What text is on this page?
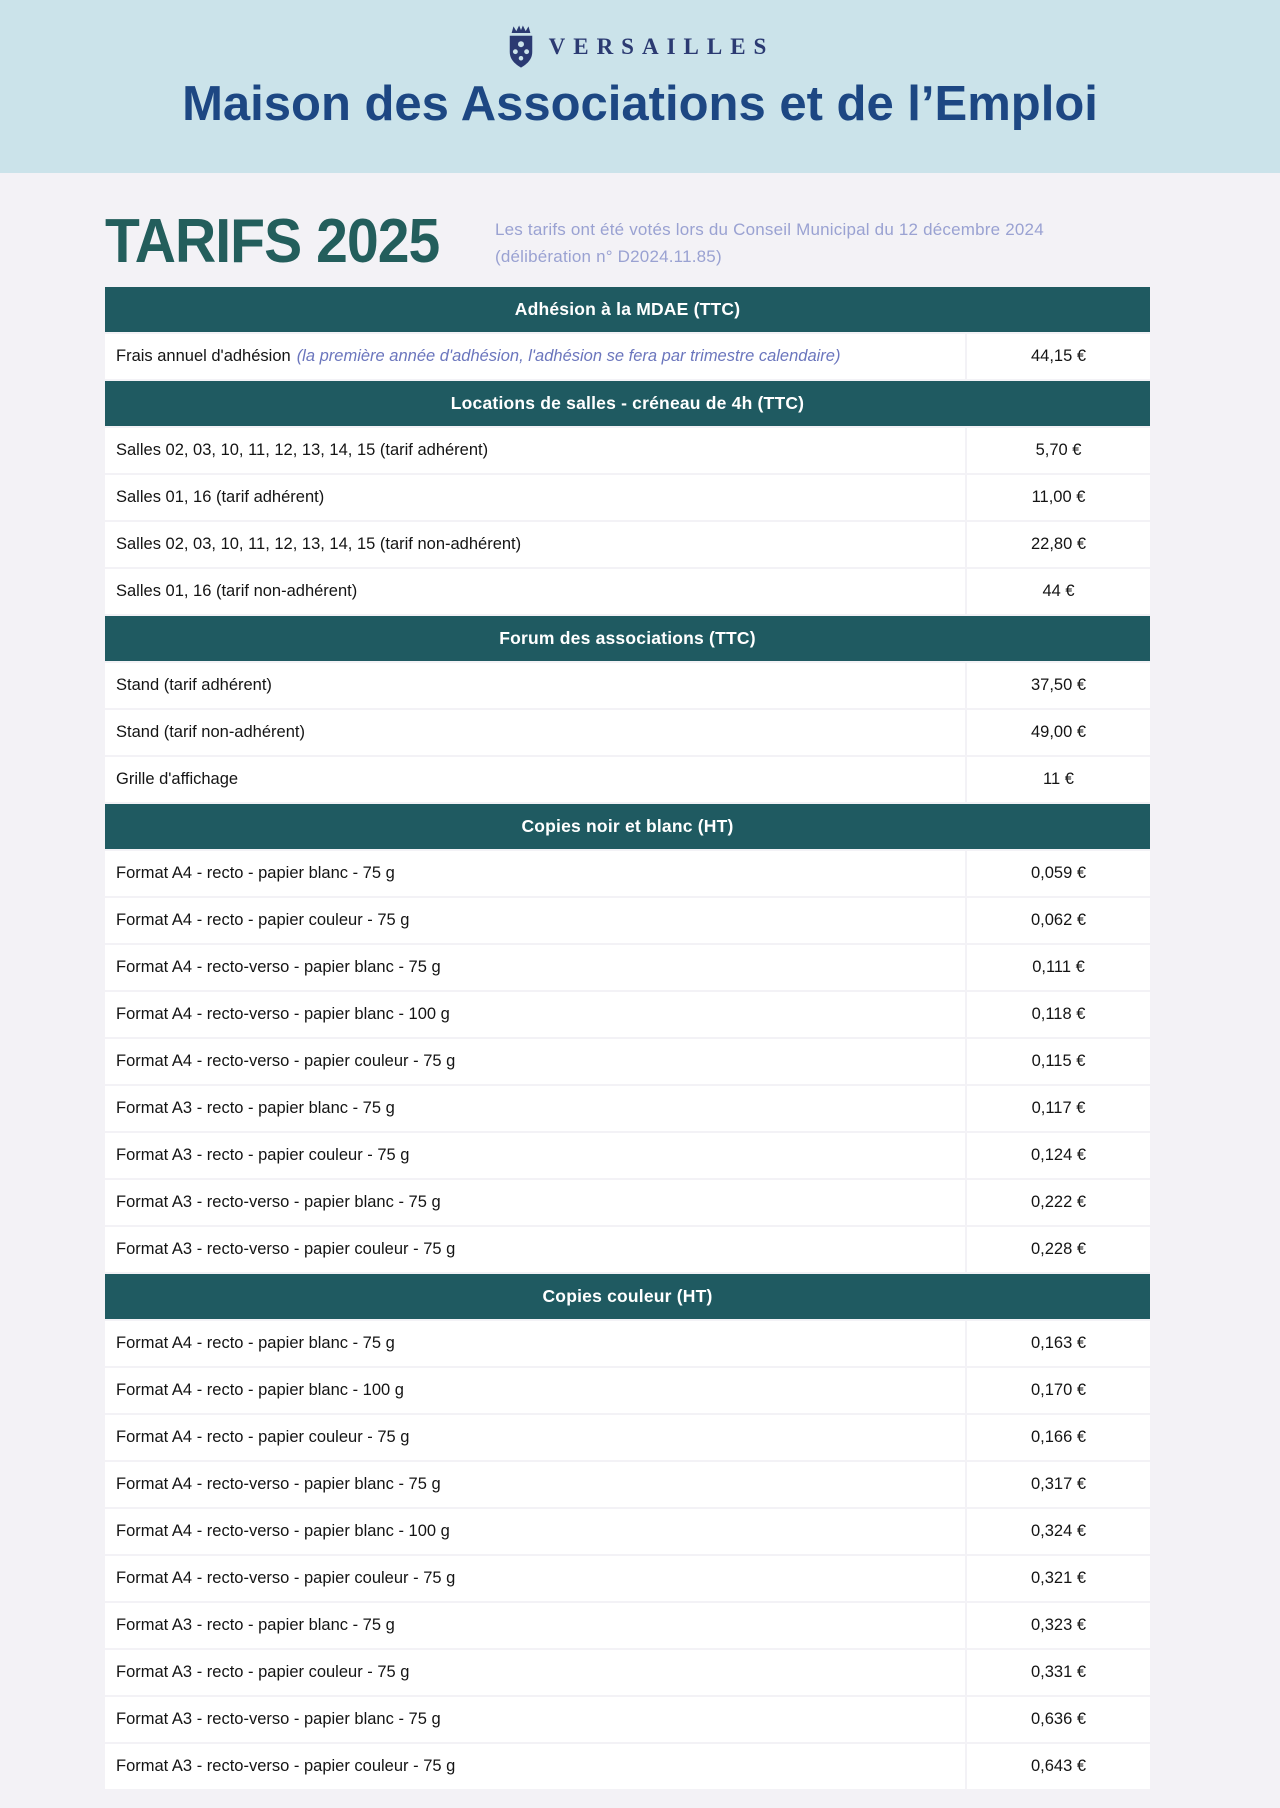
VERSAILLES
Maison des Associations et de l’Emploi
TARIFS 2025	Les tarifs ont été votés lors du Conseil Municipal du 12 décembre 2024
(délibération n° D2024.11.85)
Adhésion à la MDAE (TTC)
Frais annuel d'adhésion (la première année d'adhésion, l'adhésion se fera par trimestre calendaire)	44,15 €
Locations de salles - créneau de 4h (TTC)
Salles 02, 03, 10, 11, 12, 13, 14, 15 (tarif adhérent)	5,70 €
Salles 01, 16 (tarif adhérent)	11,00 €
Salles 02, 03, 10, 11, 12, 13, 14, 15 (tarif non-adhérent)	22,80 €
Salles 01, 16 (tarif non-adhérent)	44 €
Forum des associations (TTC)
Stand (tarif adhérent)	37,50 €
Stand (tarif non-adhérent)	49,00 €
Grille d'affichage	11 €
Copies noir et blanc (HT)
Format A4 - recto - papier blanc - 75 g	0,059 €
Format A4 - recto - papier couleur - 75 g	0,062 €
Format A4 - recto-verso - papier blanc - 75 g	0,111 €
Format A4 - recto-verso - papier blanc - 100 g	0,118 €
Format A4 - recto-verso - papier couleur - 75 g	0,115 €
Format A3 - recto - papier blanc - 75 g	0,117 €
Format A3 - recto - papier couleur - 75 g	0,124 €
Format A3 - recto-verso - papier blanc - 75 g	0,222 €
Format A3 - recto-verso - papier couleur - 75 g	0,228 €
Copies couleur (HT)
Format A4 - recto - papier blanc - 75 g	0,163 €
Format A4 - recto - papier blanc - 100 g	0,170 €
Format A4 - recto - papier couleur - 75 g	0,166 €
Format A4 - recto-verso - papier blanc - 75 g	0,317 €
Format A4 - recto-verso - papier blanc - 100 g	0,324 €
Format A4 - recto-verso - papier couleur - 75 g	0,321 €
Format A3 - recto - papier blanc - 75 g	0,323 €
Format A3 - recto - papier couleur - 75 g	0,331 €
Format A3 - recto-verso - papier blanc - 75 g	0,636 €
Format A3 - recto-verso - papier couleur - 75 g	0,643 €
